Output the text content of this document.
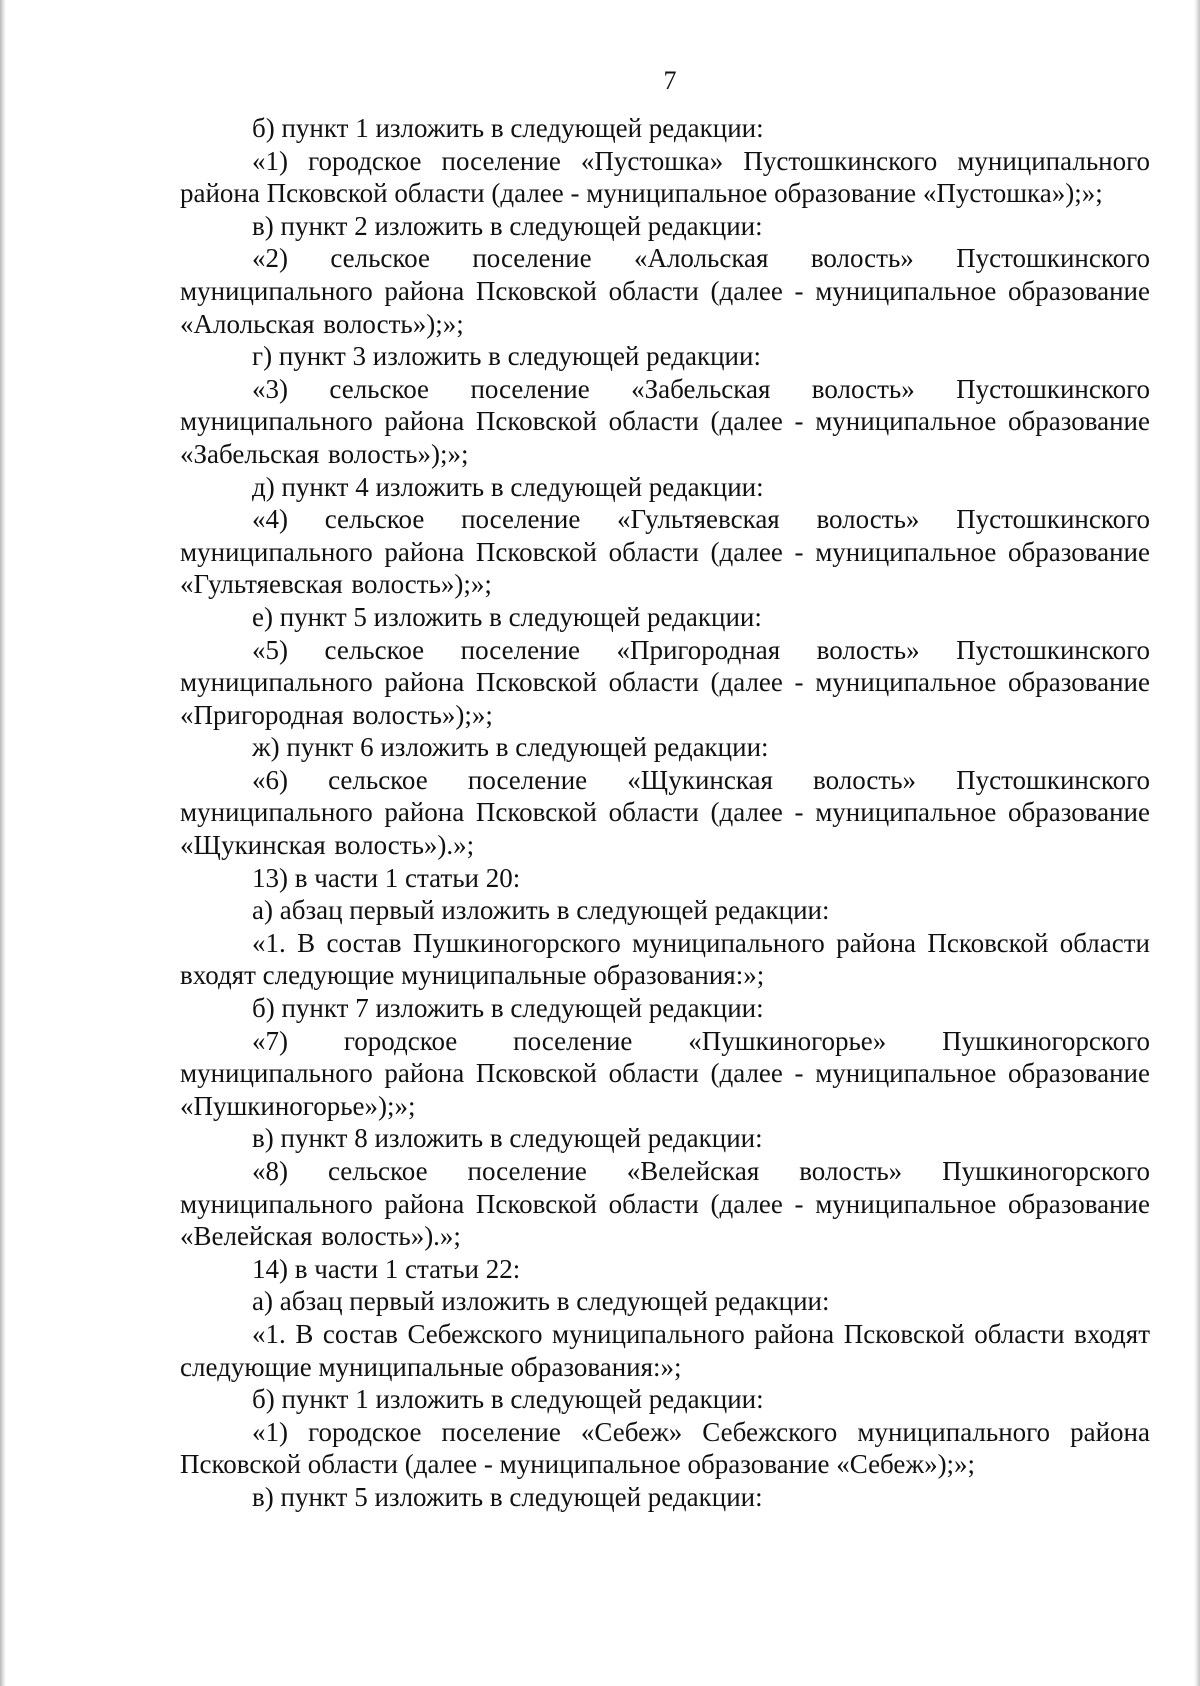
7

б) пункт 1 изложить в следующей редакции:

«1) городское поселение «Пустошка» Пустошкинского муниципального района Псковской области (далее - муниципальное образование «Пустошка»);»;

в) пункт 2 изложить в следующей редакции:

«2) сельское поселение «Алольская волость» Пустошкинского муниципального района Псковской области (далее - муниципальное образование «Алольская волость»);»;

г) пункт 3 изложить в следующей редакции:

«3) сельское поселение «Забельская волость» Пустошкинского муниципального района Псковской области (далее - муниципальное образование «Забельская волость»);»;

д) пункт 4 изложить в следующей редакции:

«4) сельское поселение «Гультяевская волость» Пустошкинского муниципального района Псковской области (далее - муниципальное образование «Гультяевская волость»);»;

е) пункт 5 изложить в следующей редакции:

«5) сельское поселение «Пригородная волость» Пустошкинского муниципального района Псковской области (далее - муниципальное образование «Пригородная волость»);»;

ж) пункт 6 изложить в следующей редакции:

«6) сельское поселение «Щукинская волость» Пустошкинского муниципального района Псковской области (далее - муниципальное образование «Щукинская волость»).»;

13) в части 1 статьи 20:

а) абзац первый изложить в следующей редакции:

«1. В состав Пушкиногорского муниципального района Псковской области входят следующие муниципальные образования:»;

б) пункт 7 изложить в следующей редакции:

«7) городское поселение «Пушкиногорье» Пушкиногорского муниципального района Псковской области (далее - муниципальное образование «Пушкиногорье»);»;

в) пункт 8 изложить в следующей редакции:

«8) сельское поселение «Велейская волость» Пушкиногорского муниципального района Псковской области (далее - муниципальное образование «Велейская волость»).»;

14) в части 1 статьи 22:

а) абзац первый изложить в следующей редакции:

«1. В состав Себежского муниципального района Псковской области входят следующие муниципальные образования:»;

б) пункт 1 изложить в следующей редакции:

«1) городское поселение «Себеж» Себежского муниципального района Псковской области (далее - муниципальное образование «Себеж»);»;

в) пункт 5 изложить в следующей редакции:
